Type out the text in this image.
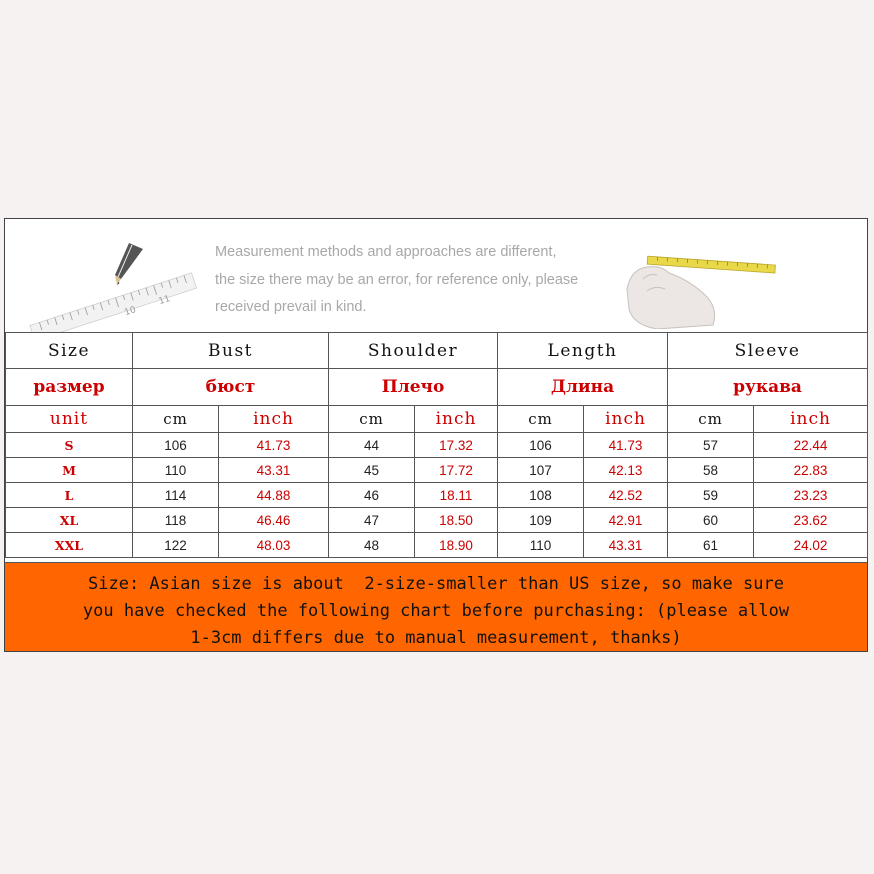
10
11

Measurement methods and approaches are different,
the size there may be an error, for reference only, please
received prevail in kind.

Size	Bust		Shoulder		Length		Sleeve	
размер	бюст		Плечо		Длина		рукава	
unit	cm	inch	cm	inch	cm	inch	cm	inch
S	106	41.73	44	17.32	106	41.73	57	22.44
M	110	43.31	45	17.72	107	42.13	58	22.83
L	114	44.88	46	18.11	108	42.52	59	23.23
XL	118	46.46	47	18.50	109	42.91	60	23.62
XXL	122	48.03	48	18.90	110	43.31	61	24.02
Size: Asian size is about  2-size-smaller than US size, so make sure
you have checked the following chart before purchasing: (please allow
1-3cm differs due to manual measurement, thanks)
